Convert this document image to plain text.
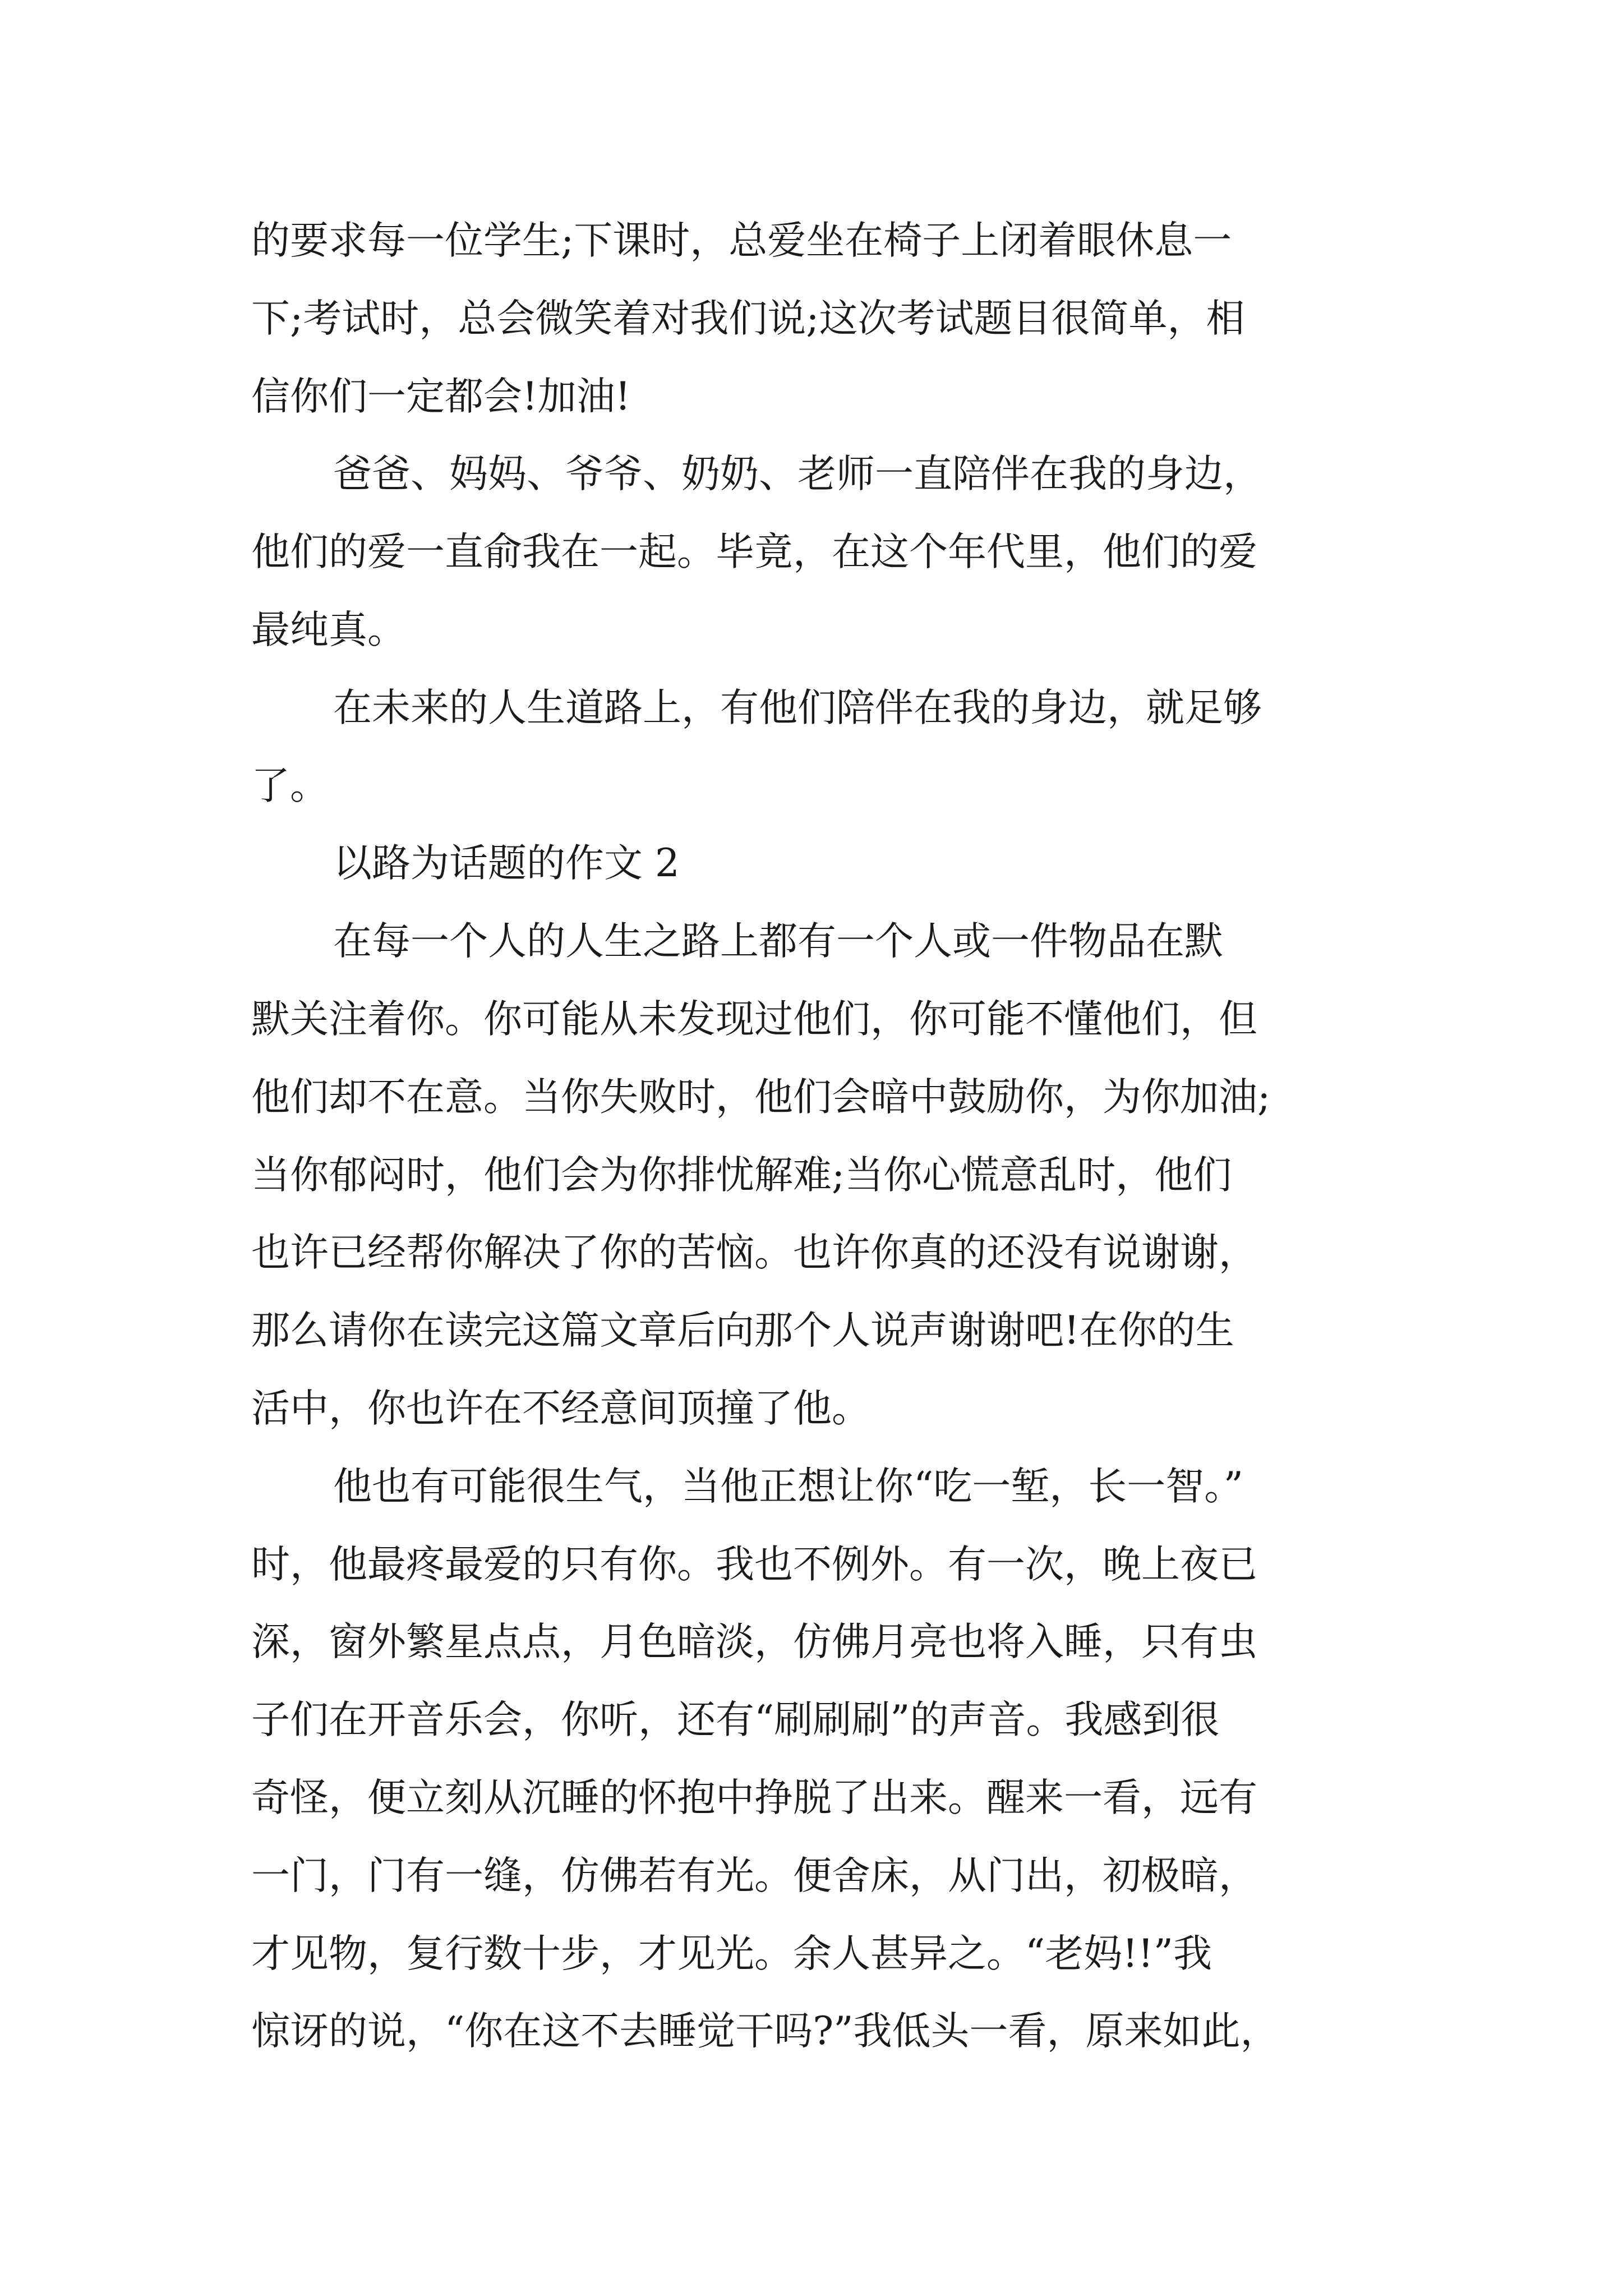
的要求每一位学生;下课时，总爱坐在椅子上闭着眼休息一
下;考试时，总会微笑着对我们说;这次考试题目很简单，相
信你们一定都会!加油!
爸爸、妈妈、爷爷、奶奶、老师一直陪伴在我的身边，
他们的爱一直俞我在一起。毕竟，在这个年代里，他们的爱
最纯真。
在未来的人生道路上，有他们陪伴在我的身边，就足够
了。
以路为话题的作文 2
在每一个人的人生之路上都有一个人或一件物品在默
默关注着你。你可能从未发现过他们，你可能不懂他们，但
他们却不在意。当你失败时，他们会暗中鼓励你，为你加油;
当你郁闷时，他们会为你排忧解难;当你心慌意乱时，他们
也许已经帮你解决了你的苦恼。也许你真的还没有说谢谢，
那么请你在读完这篇文章后向那个人说声谢谢吧!在你的生
活中，你也许在不经意间顶撞了他。
他也有可能很生气，当他正想让你“吃一堑，长一智。”
时，他最疼最爱的只有你。我也不例外。有一次，晚上夜已
深，窗外繁星点点，月色暗淡，仿佛月亮也将入睡，只有虫
子们在开音乐会，你听，还有“刷刷刷”的声音。我感到很
奇怪，便立刻从沉睡的怀抱中挣脱了出来。醒来一看，远有
一门，门有一缝，仿佛若有光。便舍床，从门出，初极暗，
才见物，复行数十步，才见光。余人甚异之。“老妈!!”我
惊讶的说，“你在这不去睡觉干吗?”我低头一看，原来如此，
